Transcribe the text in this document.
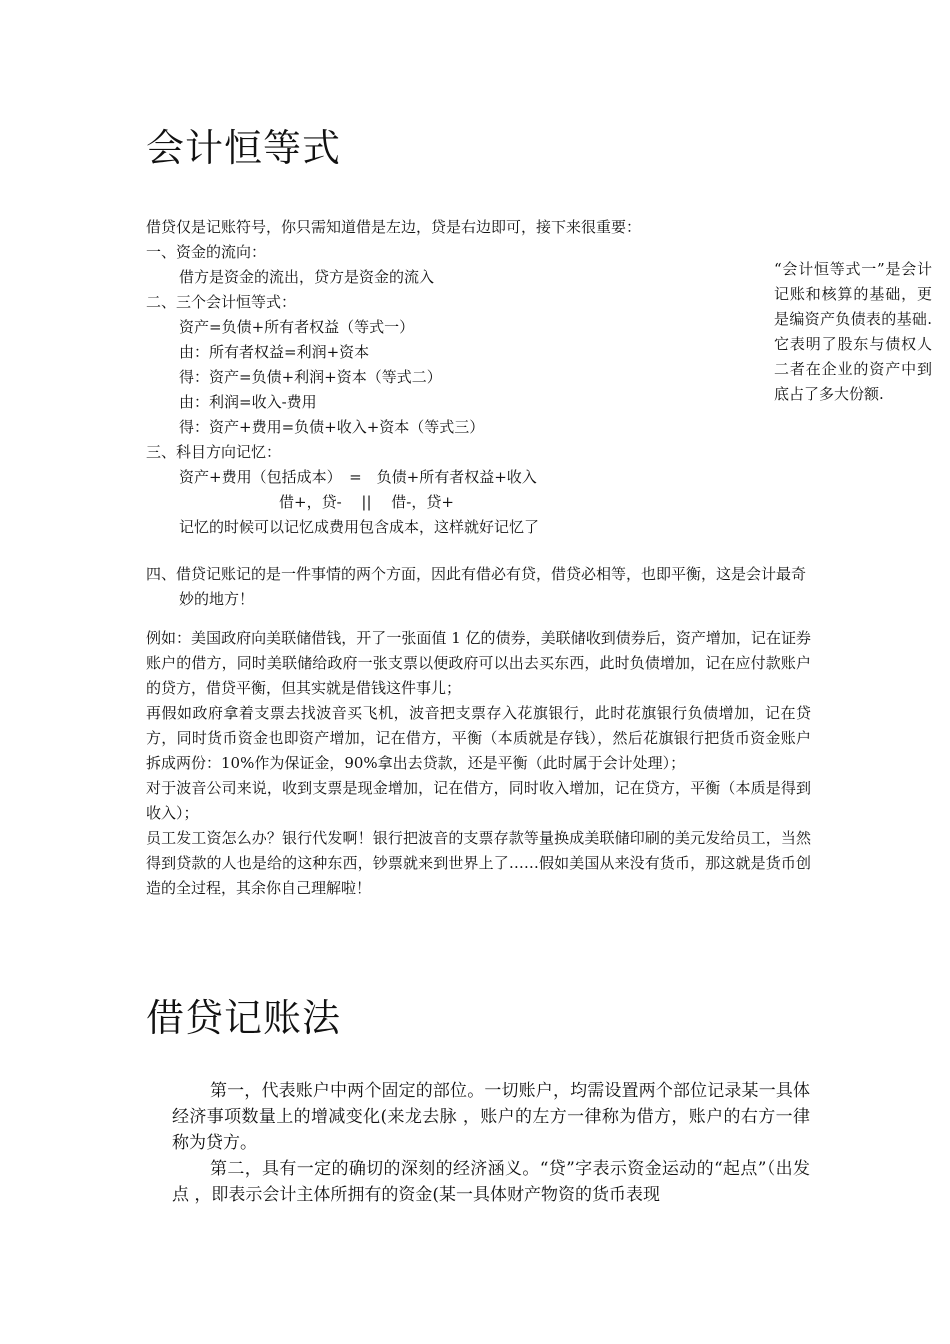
会计恒等式
借贷仅是记账符号，你只需知道借是左边，贷是右边即可，接下来很重要：
一、资金的流向：
借方是资金的流出，贷方是资金的流入
二、三个会计恒等式：
资产=负债+所有者权益（等式一）
由：所有者权益=利润+资本
得：资产=负债+利润+资本（等式二）
由：利润=收入-费用
得：资产+费用=负债+收入+资本（等式三）
三、科目方向记忆：
资产+费用（包括成本）　=　负债+所有者权益+收入
借+，贷-　 ||　 借-，贷+
记忆的时候可以记忆成费用包含成本，这样就好记忆了
四、借贷记账记的是一件事情的两个方面，因此有借必有贷，借贷必相等，也即平衡，这是会计最奇妙的地方！
例如：美国政府向美联储借钱，开了一张面值 1 亿的债券，美联储收到债券后，资产增加，记在证券账户的借方，同时美联储给政府一张支票以便政府可以出去买东西，此时负债增加，记在应付款账户的贷方，借贷平衡，但其实就是借钱这件事儿；
再假如政府拿着支票去找波音买飞机，波音把支票存入花旗银行，此时花旗银行负债增加，记在贷方，同时货币资金也即资产增加，记在借方，平衡（本质就是存钱），然后花旗银行把货币资金账户拆成两份：10%作为保证金，90%拿出去贷款，还是平衡（此时属于会计处理）；
对于波音公司来说，收到支票是现金增加，记在借方，同时收入增加，记在贷方，平衡（本质是得到收入）；
员工发工资怎么办？银行代发啊！银行把波音的支票存款等量换成美联储印刷的美元发给员工，当然得到贷款的人也是给的这种东西，钞票就来到世界上了……假如美国从来没有货币，那这就是货币创造的全过程，其余你自己理解啦！
“会计恒等式一”是会计记账和核算的基础，更是编资产负债表的基础. 它表明了股东与债权人二者在企业的资产中到底占了多大份额.
借贷记账法

第一，代表账户中两个固定的部位。一切账户，均需设置两个部位记录某一具体经济事项数量上的增减变化(来龙去脉 ，账户的左方一律称为借方，账户的右方一律称为贷方。

第二，具有一定的确切的深刻的经济涵义。“贷”字表示资金运动的“起点”（出发点 ，即表示会计主体所拥有的资金(某一具体财产物资的货币表现
